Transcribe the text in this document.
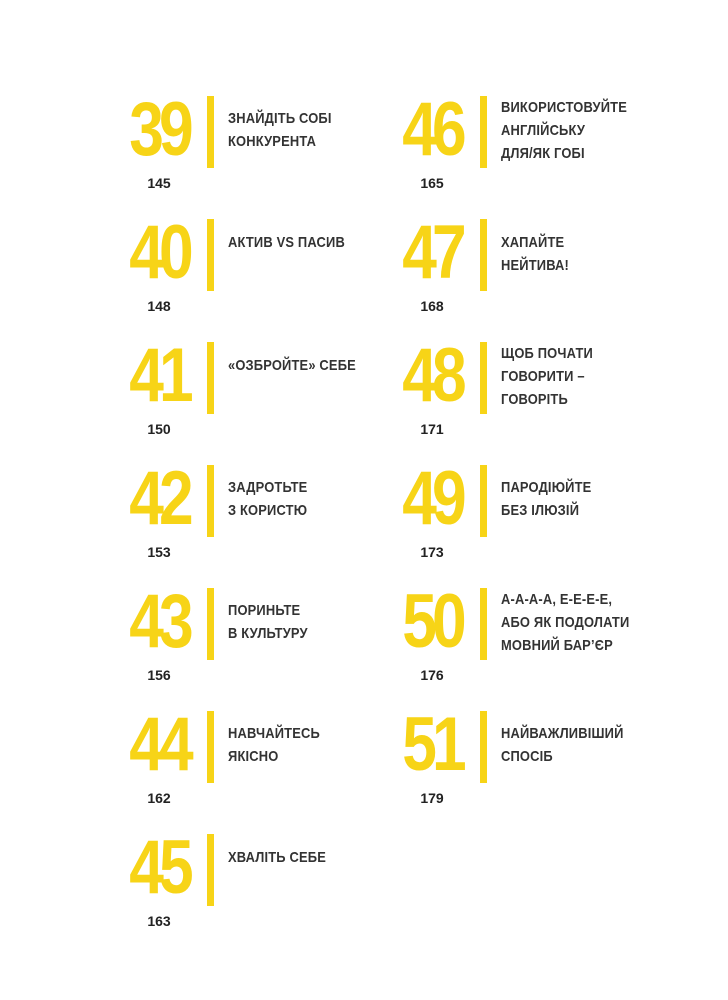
39
145
ЗНАЙДІТЬ СОБІ
КОНКУРЕНТА
40
148
АКТИВ VS ПАСИВ
41
150
«ОЗБРОЙТЕ» СЕБЕ
42
153
ЗАДРОТЬТЕ
З КОРИСТЮ
43
156
ПОРИНЬТЕ
В КУЛЬТУРУ
44
162
НАВЧАЙТЕСЬ
ЯКІСНО
45
163
ХВАЛІТЬ СЕБЕ
46
165
ВИКОРИСТОВУЙТЕ
АНГЛІЙСЬКУ
ДЛЯ/ЯК ГОБІ
47
168
ХАПАЙТЕ НЕЙТИВА!
48
171
ЩОБ ПОЧАТИ
ГОВОРИТИ –
ГОВОРІТЬ
49
173
ПАРОДІЮЙТЕ
БЕЗ ІЛЮЗІЙ
50
176
А-А-А-А, Е-Е-Е-Е,
АБО ЯК ПОДОЛАТИ
МОВНИЙ БАР’ЄР
51
179
НАЙВАЖЛИВІШИЙ
СПОСІБ
